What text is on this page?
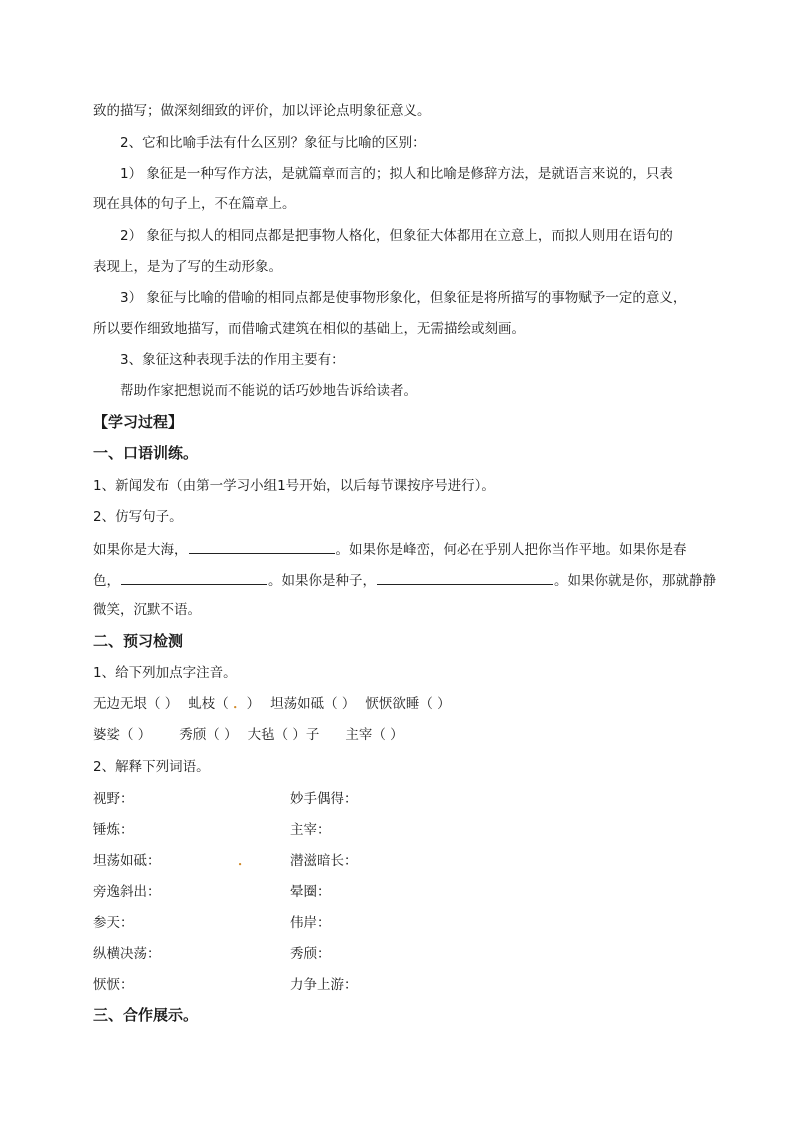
致的描写；做深刻细致的评价，加以评论点明象征意义。
2、它和比喻手法有什么区别？象征与比喻的区别：
1） 象征是一种写作方法，是就篇章而言的；拟人和比喻是修辞方法，是就语言来说的，只表
现在具体的句子上，不在篇章上。
2） 象征与拟人的相同点都是把事物人格化，但象征大体都用在立意上，而拟人则用在语句的
表现上，是为了写的生动形象。
3） 象征与比喻的借喻的相同点都是使事物形象化，但象征是将所描写的事物赋予一定的意义，
所以要作细致地描写，而借喻式建筑在相似的基础上，无需描绘或刻画。
3、象征这种表现手法的作用主要有：
帮助作家把想说而不能说的话巧妙地告诉给读者。
【学习过程】
一、口语训练。
1、新闻发布（由第一学习小组1号开始，以后每节课按序号进行）。
2、仿写句子。
如果你是大海，	。如果你是峰峦，何必在乎别人把你当作平地。如果你是春
色，	。如果你是种子，	。如果你就是你，那就静静
微笑，沉默不语。
二、预习检测
1、给下列加点字注音。
无边无垠（ ） 虬枝（ ．） 坦荡如砥（ ） 恹恹欲睡（ ）
婆娑（ ） 秀颀（ ） 大毡（ ）子 主宰（ ）
2、解释下列词语。
视野：	妙手偶得：
锤炼：	主宰：
坦荡如砥：	．	潜滋暗长：
旁逸斜出：	晕圈：
参天：	伟岸：
纵横决荡：	秀颀：
恹恹：	力争上游：
三、合作展示。
